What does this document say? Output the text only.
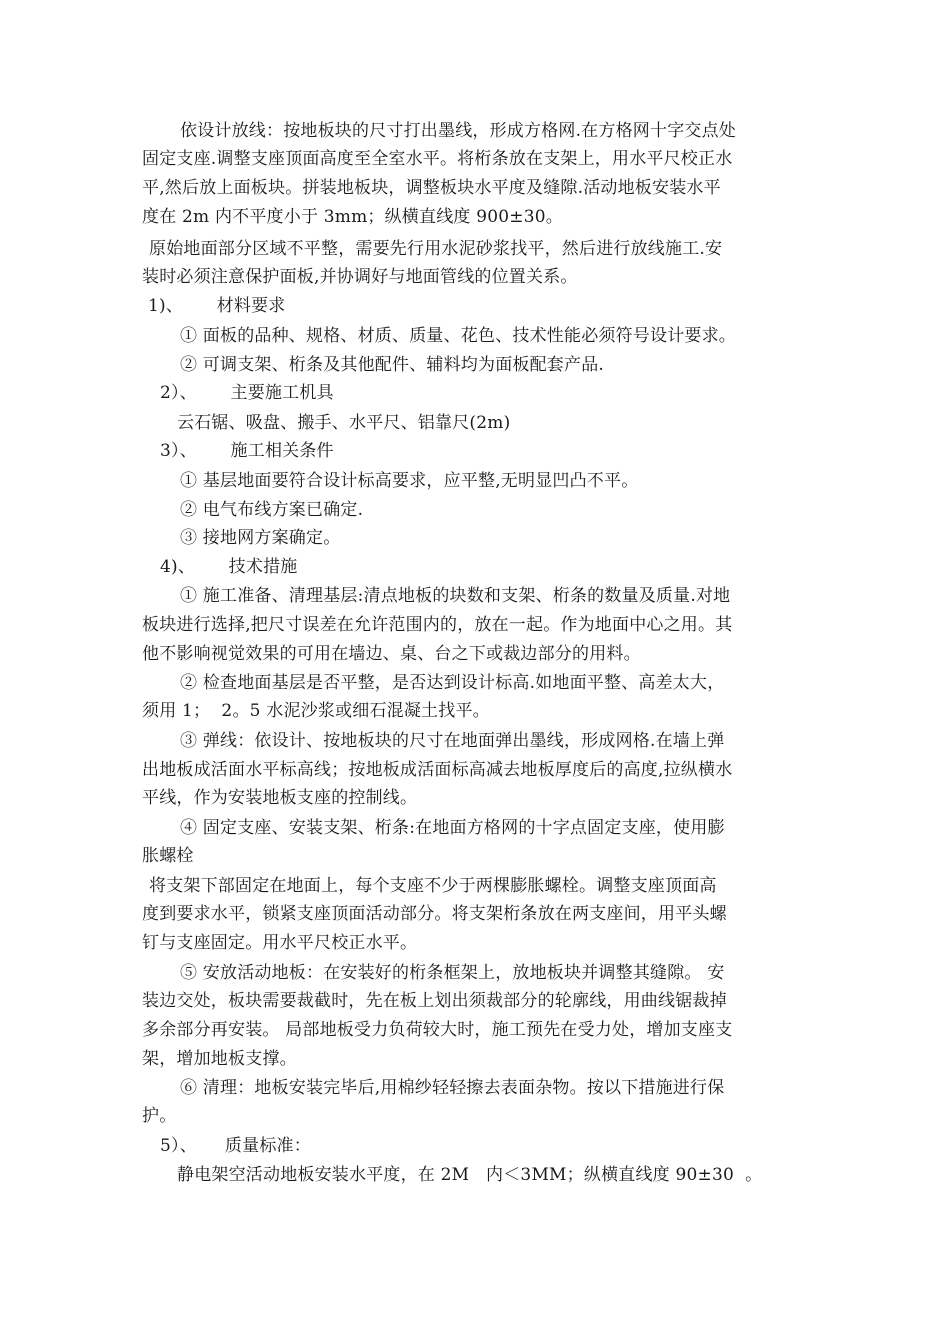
依设计放线：按地板块的尺寸打出墨线，形成方格网.在方格网十字交点处
固定支座.调整支座顶面高度至全室水平。将桁条放在支架上，用水平尺校正水
平,然后放上面板块。拼装地板块，调整板块水平度及缝隙.活动地板安装水平
度在 2m 内不平度小于 3mm；纵横直线度 900±30。
原始地面部分区域不平整，需要先行用水泥砂浆找平，然后进行放线施工.安
装时必须注意保护面板,并协调好与地面管线的位置关系。
1)、      材料要求
① 面板的品种、规格、材质、质量、花色、技术性能必须符号设计要求。
② 可调支架、桁条及其他配件、辅料均为面板配套产品.
2）、      主要施工机具
云石锯、吸盘、搬手、水平尺、铝靠尺(2m)
3）、      施工相关条件
① 基层地面要符合设计标高要求，应平整,无明显凹凸不平。
② 电气布线方案已确定.
③ 接地网方案确定。
4)、      技术措施
① 施工准备、清理基层:清点地板的块数和支架、桁条的数量及质量.对地
板块进行选择,把尺寸误差在允许范围内的，放在一起。作为地面中心之用。其
他不影响视觉效果的可用在墙边、桌、台之下或裁边部分的用料。
② 检查地面基层是否平整，是否达到设计标高.如地面平整、高差太大，
须用 1；  2。5 水泥沙浆或细石混凝土找平。
③ 弹线：依设计、按地板块的尺寸在地面弹出墨线，形成网格.在墙上弹
出地板成活面水平标高线；按地板成活面标高减去地板厚度后的高度,拉纵横水
平线，作为安装地板支座的控制线。
④ 固定支座、安装支架、桁条:在地面方格网的十字点固定支座，使用膨
胀螺栓
将支架下部固定在地面上，每个支座不少于两棵膨胀螺栓。调整支座顶面高
度到要求水平，锁紧支座顶面活动部分。将支架桁条放在两支座间，用平头螺
钉与支座固定。用水平尺校正水平。
⑤ 安放活动地板：在安装好的桁条框架上，放地板块并调整其缝隙。 安
装边交处，板块需要裁截时，先在板上划出须裁部分的轮廓线，用曲线锯裁掉
多余部分再安装。 局部地板受力负荷较大时，施工预先在受力处，增加支座支
架，增加地板支撑。
⑥ 清理：地板安装完毕后,用棉纱轻轻擦去表面杂物。按以下措施进行保
护。
5）、     质量标准：
静电架空活动地板安装水平度，在 2M   内＜3MM；纵横直线度 90±30  。
